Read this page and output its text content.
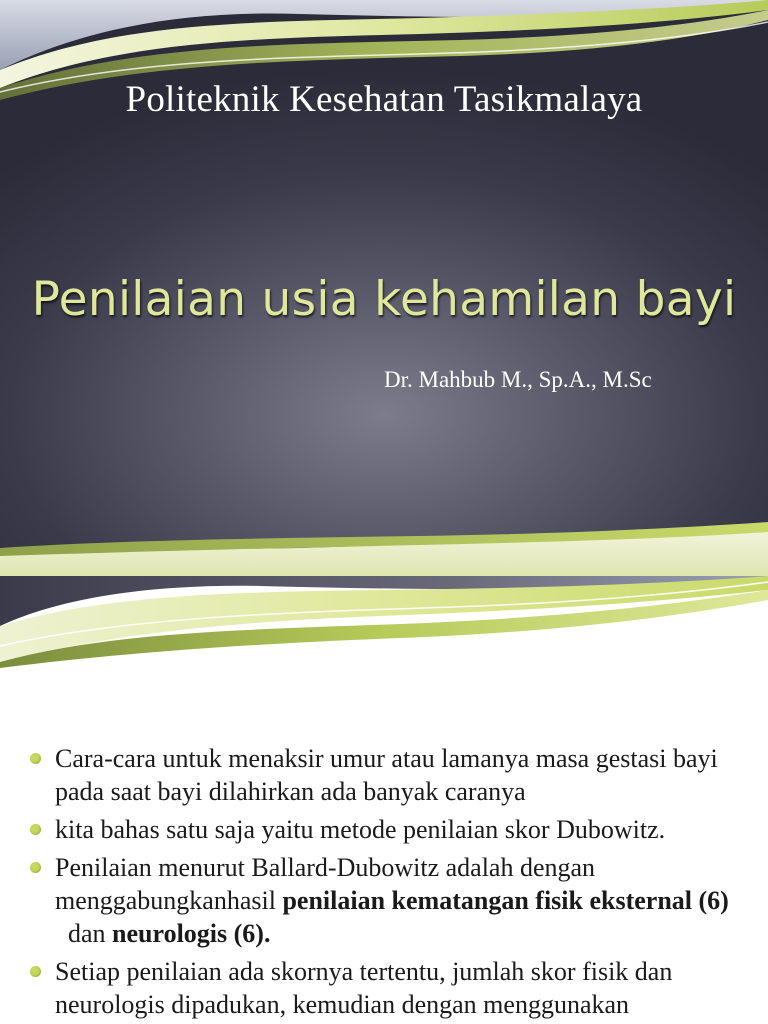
Politeknik Kesehatan Tasikmalaya
Penilaian usia kehamilan bayi
Dr. Mahbub M., Sp.A., M.Sc
Cara-cara untuk menaksir umur atau lamanya masa gestasi bayi pada saat bayi dilahirkan ada banyak caranya
kita bahas satu saja yaitu metode penilaian skor Dubowitz.
Penilaian menurut Ballard-Dubowitz adalah dengan menggabungkanhasil penilaian kematangan fisik eksternal (6)  dan neurologis (6).
Setiap penilaian ada skornya tertentu, jumlah skor fisik dan neurologis dipadukan, kemudian dengan menggunakan
